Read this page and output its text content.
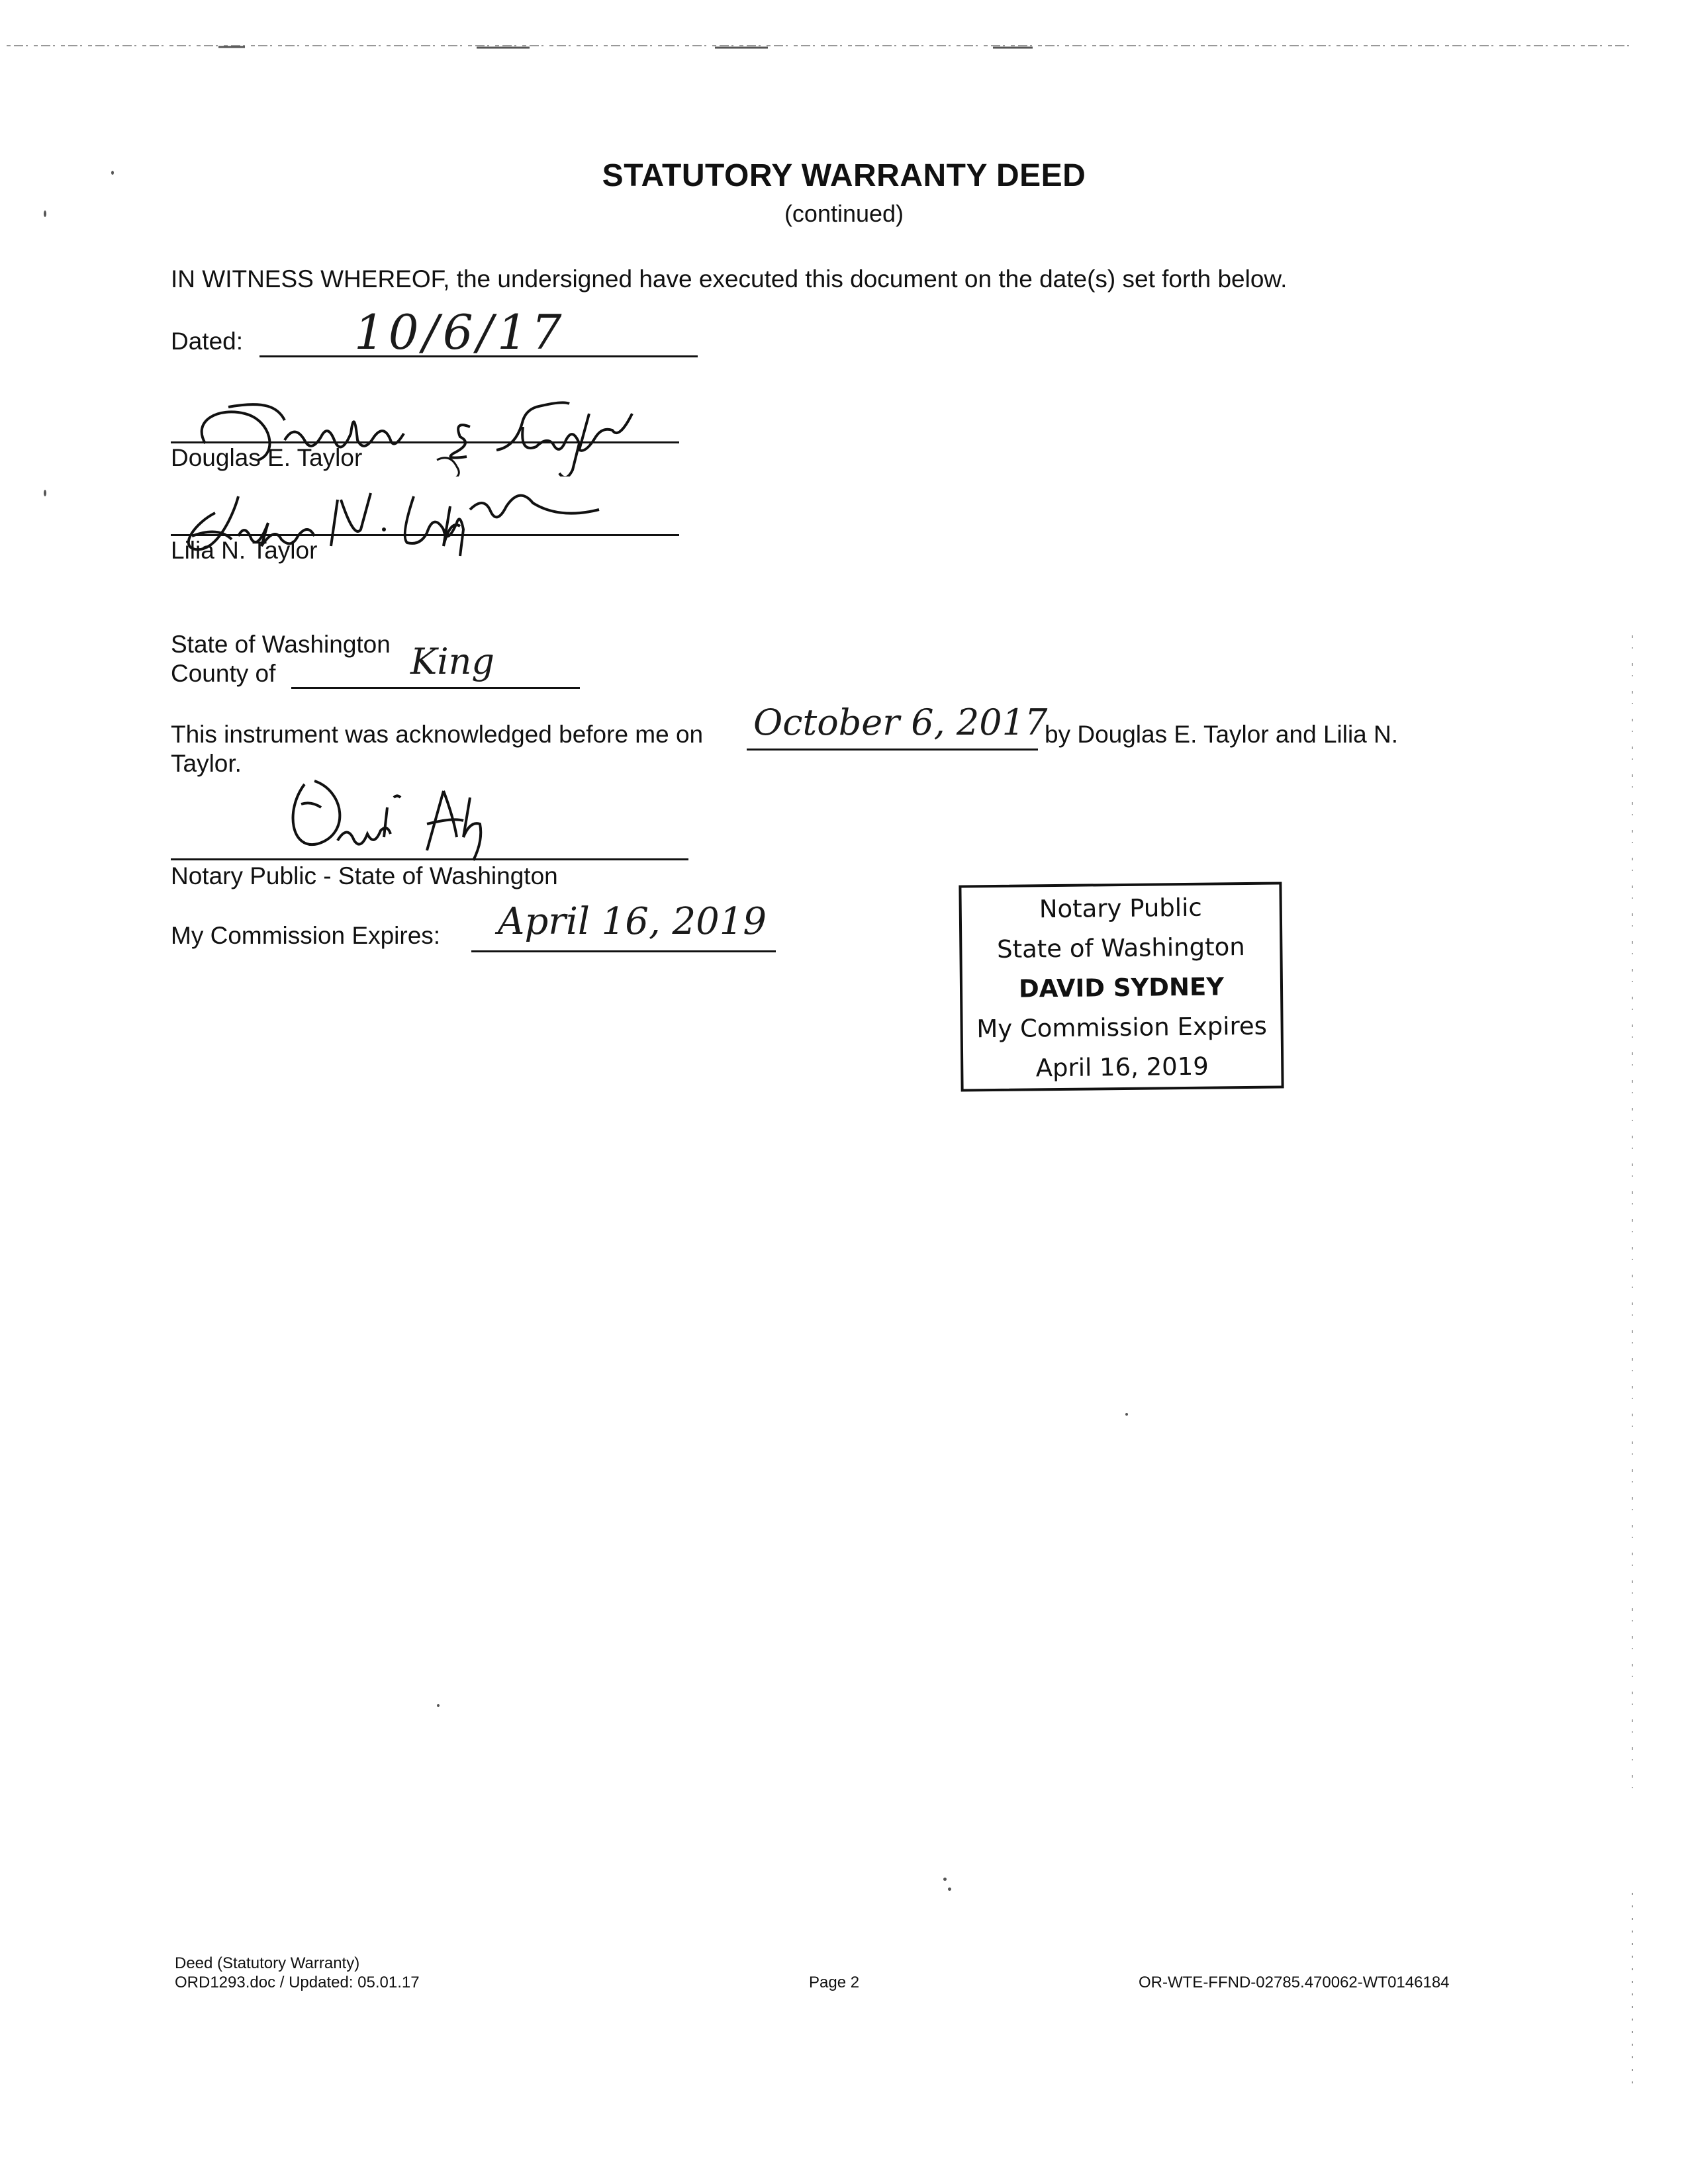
STATUTORY WARRANTY DEED
(continued)
IN WITNESS WHEREOF, the undersigned have executed this document on the date(s) set forth below.
Dated: 10/6/17
Douglas E. Taylor
Lilia N. Taylor
State of Washington
County of	King
This instrument was acknowledged before me on October 6, 2017
by Douglas E. Taylor and Lilia N.
Taylor.
Notary Public - State of Washington
My Commission Expires: April 16, 2019	Notary Public
State of Washington
DAVID SYDNEY
My Commission Expires
April 16, 2019
Deed (Statutory Warranty)
ORD1293.doc / Updated: 05.01.17	Page 2	OR-WTE-FFND-02785.470062-WT0146184
